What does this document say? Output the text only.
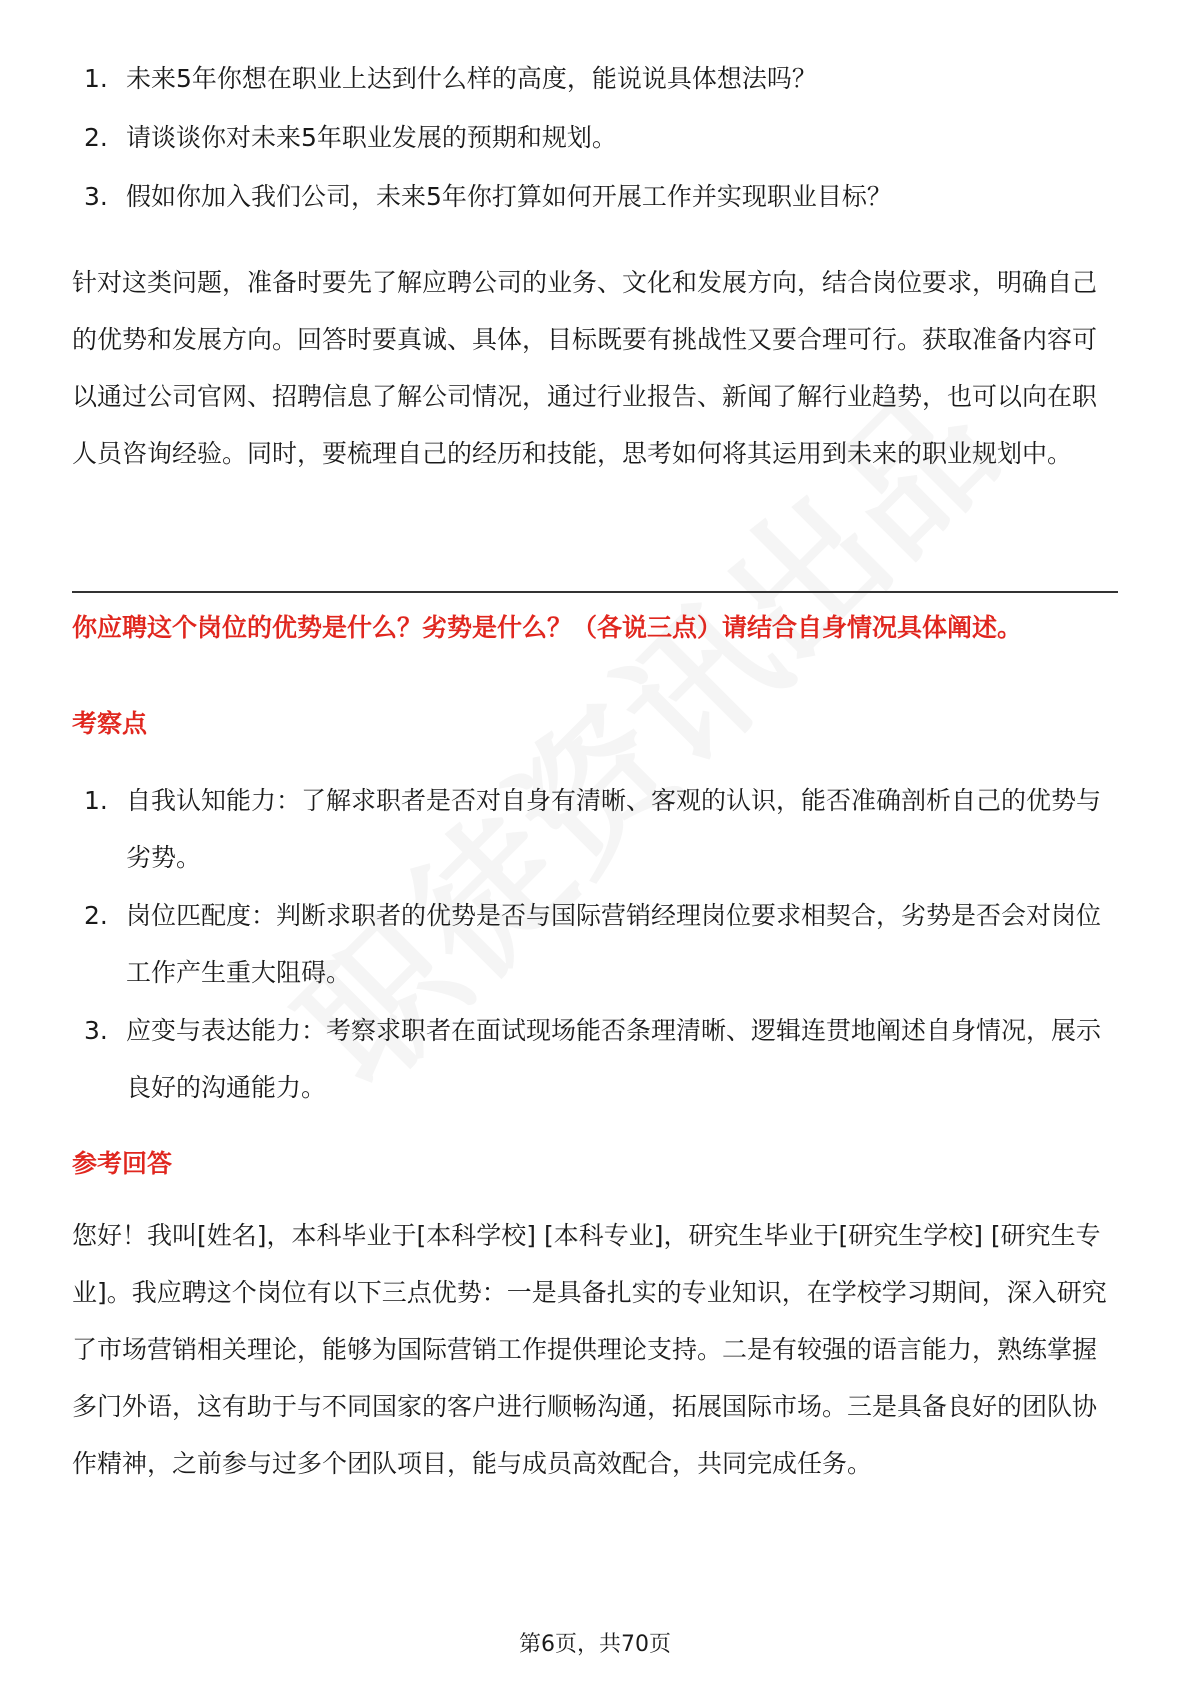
1. 未来5年你想在职业上达到什么样的高度，能说说具体想法吗？
2. 请谈谈你对未来5年职业发展的预期和规划。
3. 假如你加入我们公司，未来5年你打算如何开展工作并实现职业目标？

针对这类问题，准备时要先了解应聘公司的业务、文化和发展方向，结合岗位要求，明确自己的优势和发展方向。回答时要真诚、具体，目标既要有挑战性又要合理可行。获取准备内容可以通过公司官网、招聘信息了解公司情况，通过行业报告、新闻了解行业趋势，也可以向在职人员咨询经验。同时，要梳理自己的经历和技能，思考如何将其运用到未来的职业规划中。

你应聘这个岗位的优势是什么？劣势是什么？（各说三点）请结合自身情况具体阐述。
考察点
1. 自我认知能力：了解求职者是否对自身有清晰、客观的认识，能否准确剖析自己的优势与劣势。
2. 岗位匹配度：判断求职者的优势是否与国际营销经理岗位要求相契合，劣势是否会对岗位工作产生重大阻碍。
3. 应变与表达能力：考察求职者在面试现场能否条理清晰、逻辑连贯地阐述自身情况，展示良好的沟通能力。
参考回答

您好！我叫[姓名]，本科毕业于[本科学校] [本科专业]，研究生毕业于[研究生学校] [研究生专业]。我应聘这个岗位有以下三点优势：一是具备扎实的专业知识，在学校学习期间，深入研究了市场营销相关理论，能够为国际营销工作提供理论支持。二是有较强的语言能力，熟练掌握多门外语，这有助于与不同国家的客户进行顺畅沟通，拓展国际市场。三是具备良好的团队协作精神，之前参与过多个团队项目，能与成员高效配合，共同完成任务。

第6页，共70页
